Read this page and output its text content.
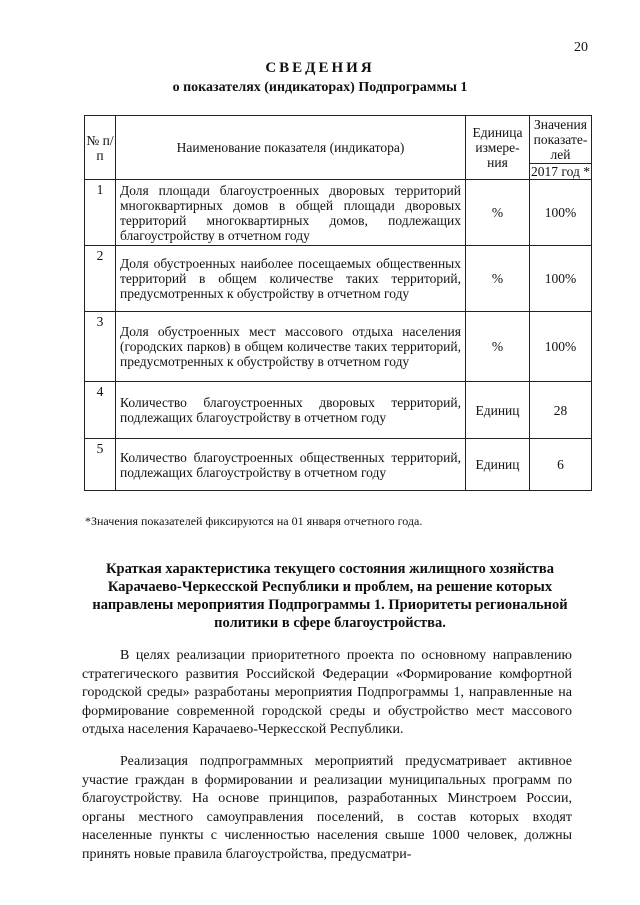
20
СВЕДЕНИЯ
о показателях (индикаторах) Подпрограммы 1
№ п/п	Наименование показателя (индикатора)	Единица измере-ния	Значения показате-лей
			2017 год *
1	Доля площади благоустроенных дворовых территорий многоквартирных домов в общей площади дворовых территорий многоквартирных домов, подлежащих благоустройству в отчетном году	%	100%
2	Доля обустроенных наиболее посещаемых общественных территорий в общем количестве таких территорий, предусмотренных к обустройству в отчетном году	%	100%
3	Доля обустроенных мест массового отдыха населения (городских парков) в общем количестве таких территорий, предусмотренных к обустройству в отчетном году	%	100%
4	Количество благоустроенных дворовых территорий, подлежащих благоустройству в отчетном году	Единиц	28
5	Количество благоустроенных общественных территорий, подлежащих благоустройству в отчетном году	Единиц	6
*Значения показателей фиксируются на 01 января отчетного года.
Краткая характеристика текущего состояния жилищного хозяйства Карачаево-Черкесской Республики и проблем, на решение которых направлены мероприятия Подпрограммы 1. Приоритеты региональной политики в сфере благоустройства.

В целях реализации приоритетного проекта по основному направлению стратегического развития Российской Федерации «Формирование комфортной городской среды» разработаны мероприятия Подпрограммы 1, направленные на формирование современной городской среды и обустройство мест массового отдыха населения Карачаево-Черкесской Республики.

Реализация подпрограммных мероприятий предусматривает активное участие граждан в формировании и реализации муниципальных программ по благоустройству. На основе принципов, разработанных Минстроем России, органы местного самоуправления поселений, в состав которых входят населенные пункты с численностью населения свыше 1000 человек, должны принять новые правила благоустройства, предусматри-
